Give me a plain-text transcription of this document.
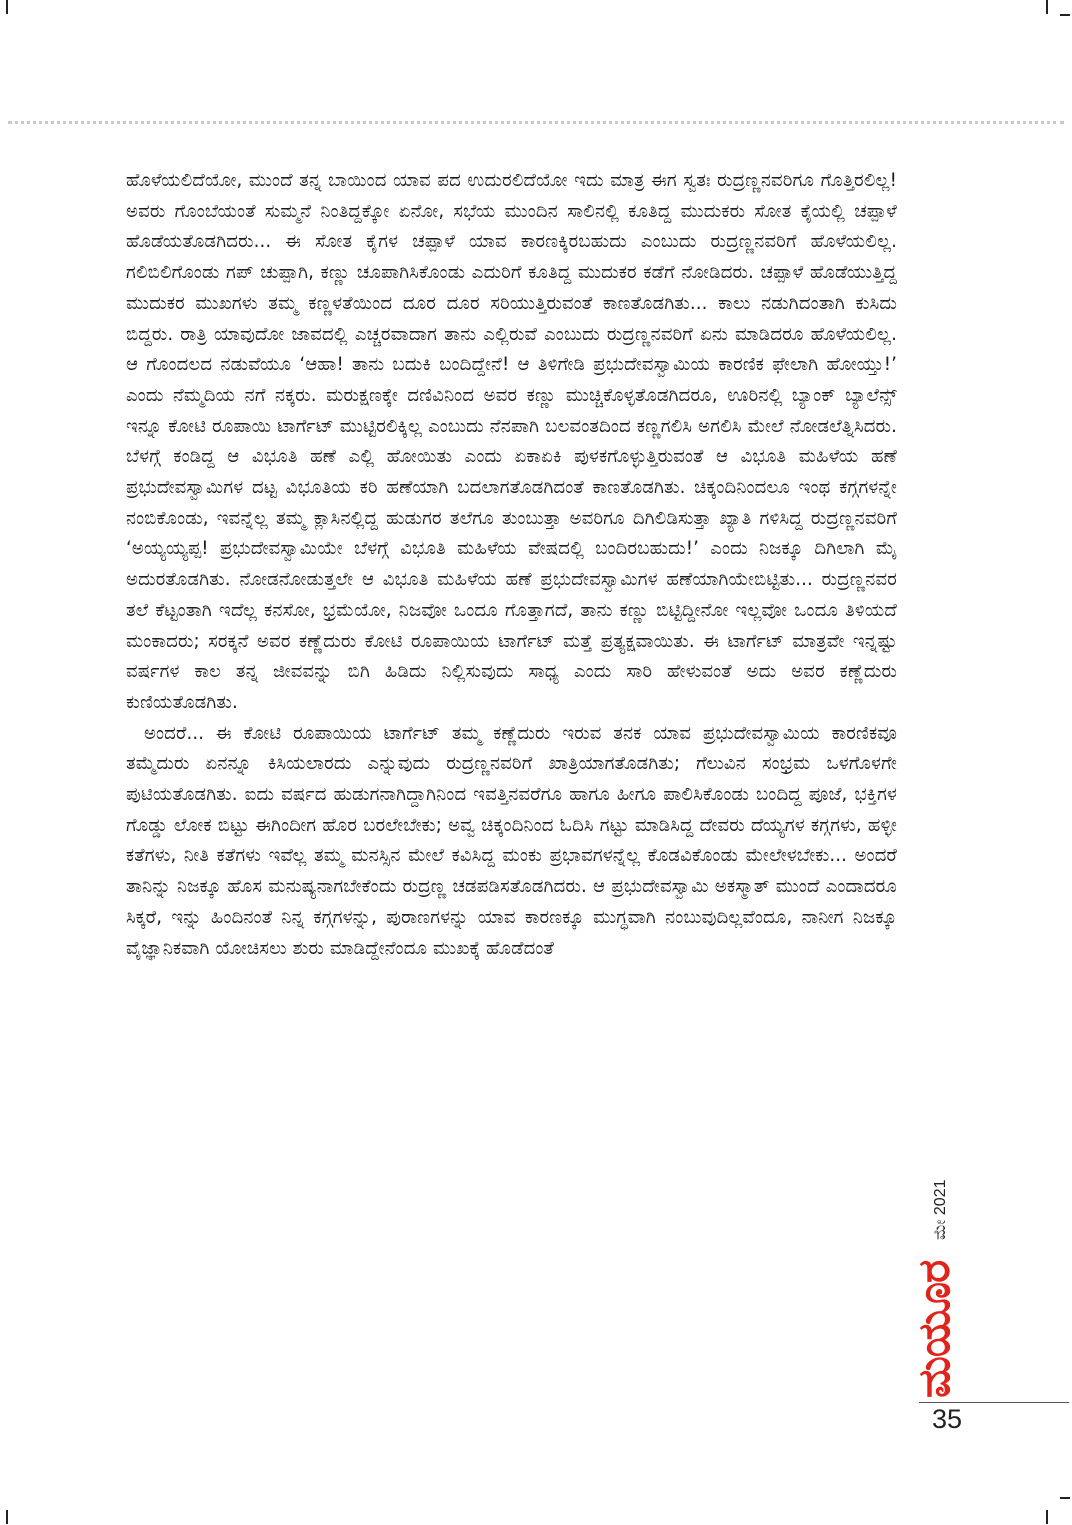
ಹೊಳೆಯಲಿದೆಯೋ, ಮುಂದೆ ತನ್ನ ಬಾಯಿಂದ ಯಾವ ಪದ ಉದುರಲಿದೆಯೋ ಇದು ಮಾತ್ರ ಈಗ ಸ್ವತಃ ರುದ್ರಣ್ಣನವರಿಗೂ ಗೊತ್ತಿರಲಿಲ್ಲ! ಅವರು ಗೊಂಬೆಯಂತೆ ಸುಮ್ಮನೆ ನಿಂತಿದ್ದಕ್ಕೋ ಏನೋ, ಸಭೆಯ ಮುಂದಿನ ಸಾಲಿನಲ್ಲಿ ಕೂತಿದ್ದ ಮುದುಕರು ಸೋತ ಕೈಯಲ್ಲಿ ಚಪ್ಪಾಳೆ ಹೊಡೆಯತೊಡಗಿದರು... ಈ ಸೋತ ಕೈಗಳ ಚಪ್ಪಾಳೆ ಯಾವ ಕಾರಣಕ್ಕಿರಬಹುದು ಎಂಬುದು ರುದ್ರಣ್ಣನವರಿಗೆ ಹೊಳೆಯಲಿಲ್ಲ. ಗಲಿಬಿಲಿಗೊಂಡು ಗಪ್ ಚುಪ್ಪಾಗಿ, ಕಣ್ಣು ಚೂಪಾಗಿಸಿಕೊಂಡು ಎದುರಿಗೆ ಕೂತಿದ್ದ ಮುದುಕರ ಕಡೆಗೆ ನೋಡಿದರು. ಚಪ್ಪಾಳೆ ಹೊಡೆಯುತ್ತಿದ್ದ ಮುದುಕರ ಮುಖಗಳು ತಮ್ಮ ಕಣ್ಣಳತೆಯಿಂದ ದೂರ ದೂರ ಸರಿಯುತ್ತಿರುವಂತೆ ಕಾಣತೊಡಗಿತು... ಕಾಲು ನಡುಗಿದಂತಾಗಿ ಕುಸಿದು ಬಿದ್ದರು. ರಾತ್ರಿ ಯಾವುದೋ ಜಾವದಲ್ಲಿ ಎಚ್ಚರವಾದಾಗ ತಾನು ಎಲ್ಲಿರುವೆ ಎಂಬುದು ರುದ್ರಣ್ಣನವರಿಗೆ ಏನು ಮಾಡಿದರೂ ಹೊಳೆಯಲಿಲ್ಲ. ಆ ಗೊಂದಲದ ನಡುವೆಯೂ ‘ಆಹಾ! ತಾನು ಬದುಕಿ ಬಂದಿದ್ದೇನೆ! ಆ ತಿಳಿಗೇಡಿ ಪ್ರಭುದೇವಸ್ವಾಮಿಯ ಕಾರಣಿಕ ಫೇಲಾಗಿ ಹೋಯ್ತು!’ ಎಂದು ನೆಮ್ಮದಿಯ ನಗೆ ನಕ್ಕರು. ಮರುಕ್ಷಣಕ್ಕೇ ದಣಿವಿನಿಂದ ಅವರ ಕಣ್ಣು ಮುಚ್ಚಿಕೊಳ್ಳತೊಡಗಿದರೂ, ಊರಿನಲ್ಲಿ ಬ್ಯಾಂಕ್ ಬ್ಯಾಲೆನ್ಸ್ ಇನ್ನೂ ಕೋಟಿ ರೂಪಾಯಿ ಟಾರ್ಗೆಟ್ ಮುಟ್ಟಿರಲಿಕ್ಕಿಲ್ಲ ಎಂಬುದು ನೆನಪಾಗಿ ಬಲವಂತದಿಂದ ಕಣ್ಣಗಲಿಸಿ ಅಗಲಿಸಿ ಮೇಲೆ ನೋಡಲೆತ್ನಿಸಿದರು. ಬೆಳಗ್ಗೆ ಕಂಡಿದ್ದ ಆ ವಿಭೂತಿ ಹಣೆ ಎಲ್ಲಿ ಹೋಯಿತು ಎಂದು ಏಕಾಏಕಿ ಪುಳಕಗೊಳ್ಳುತ್ತಿರುವಂತೆ ಆ ವಿಭೂತಿ ಮಹಿಳೆಯ ಹಣೆ ಪ್ರಭುದೇವಸ್ವಾಮಿಗಳ ದಟ್ಟ ವಿಭೂತಿಯ ಕರಿ ಹಣೆಯಾಗಿ ಬದಲಾಗತೊಡಗಿದಂತೆ ಕಾಣತೊಡಗಿತು. ಚಿಕ್ಕಂದಿನಿಂದಲೂ ಇಂಥ ಕಗ್ಗಗಳನ್ನೇ ನಂಬಿಕೊಂಡು, ಇವನ್ನೆಲ್ಲ ತಮ್ಮ ಕ್ಲಾಸಿನಲ್ಲಿದ್ದ ಹುಡುಗರ ತಲೆಗೂ ತುಂಬುತ್ತಾ ಅವರಿಗೂ ದಿಗಿಲಿಡಿಸುತ್ತಾ ಖ್ಯಾತಿ ಗಳಿಸಿದ್ದ ರುದ್ರಣ್ಣನವರಿಗೆ ‘ಅಯ್ಯಯ್ಯಪ್ಪ! ಪ್ರಭುದೇವಸ್ವಾಮಿಯೇ ಬೆಳಗ್ಗೆ ವಿಭೂತಿ ಮಹಿಳೆಯ ವೇಷದಲ್ಲಿ ಬಂದಿರಬಹುದು!’ ಎಂದು ನಿಜಕ್ಕೂ ದಿಗಿಲಾಗಿ ಮೈ ಅದುರತೊಡಗಿತು. ನೋಡನೋಡುತ್ತಲೇ ಆ ವಿಭೂತಿ ಮಹಿಳೆಯ ಹಣೆ ಪ್ರಭುದೇವಸ್ವಾಮಿಗಳ ಹಣೆಯಾಗಿಯೇಬಿಟ್ಟಿತು... ರುದ್ರಣ್ಣನವರ ತಲೆ ಕೆಟ್ಟಂತಾಗಿ ಇದೆಲ್ಲ ಕನಸೋ, ಭ್ರಮೆಯೋ, ನಿಜವೋ ಒಂದೂ ಗೊತ್ತಾಗದೆ, ತಾನು ಕಣ್ಣು ಬಿಟ್ಟಿದ್ದೀನೋ ಇಲ್ಲವೋ ಒಂದೂ ತಿಳಿಯದೆ ಮಂಕಾದರು; ಸರಕ್ಕನೆ ಅವರ ಕಣ್ಣೆದುರು ಕೋಟಿ ರೂಪಾಯಿಯ ಟಾರ್ಗೆಟ್ ಮತ್ತೆ ಪ್ರತ್ಯಕ್ಷವಾಯಿತು. ಈ ಟಾರ್ಗೆಟ್ ಮಾತ್ರವೇ ಇನ್ನಷ್ಟು ವರ್ಷಗಳ ಕಾಲ ತನ್ನ ಜೀವವನ್ನು ಬಿಗಿ ಹಿಡಿದು ನಿಲ್ಲಿಸುವುದು ಸಾಧ್ಯ ಎಂದು ಸಾರಿ ಹೇಳುವಂತೆ ಅದು ಅವರ ಕಣ್ಣೆದುರು ಕುಣಿಯತೊಡಗಿತು.

ಅಂದರೆ... ಈ ಕೋಟಿ ರೂಪಾಯಿಯ ಟಾರ್ಗೆಟ್ ತಮ್ಮ ಕಣ್ಣೆದುರು ಇರುವ ತನಕ ಯಾವ ಪ್ರಭುದೇವಸ್ವಾಮಿಯ ಕಾರಣಿಕವೂ ತಮ್ಮೆದುರು ಏನನ್ನೂ ಕಿಸಿಯಲಾರದು ಎನ್ನುವುದು ರುದ್ರಣ್ಣನವರಿಗೆ ಖಾತ್ರಿಯಾಗತೊಡಗಿತು; ಗೆಲುವಿನ ಸಂಭ್ರಮ ಒಳಗೊಳಗೇ ಪುಟಿಯತೊಡಗಿತು. ಐದು ವರ್ಷದ ಹುಡುಗನಾಗಿದ್ದಾಗಿನಿಂದ ಇವತ್ತಿನವರೆಗೂ ಹಾಗೂ ಹೀಗೂ ಪಾಲಿಸಿಕೊಂಡು ಬಂದಿದ್ದ ಪೂಜೆ, ಭಕ್ತಿಗಳ ಗೊಡ್ಡು ಲೋಕ ಬಿಟ್ಟು ಈಗಿಂದೀಗ ಹೊರ ಬರಲೇಬೇಕು; ಅವ್ವ ಚಿಕ್ಕಂದಿನಿಂದ ಓದಿಸಿ ಗಟ್ಟು ಮಾಡಿಸಿದ್ದ ದೇವರು ದೆಯ್ಯಗಳ ಕಗ್ಗಗಳು, ಹಳ್ಳೀ ಕತೆಗಳು, ನೀತಿ ಕತೆಗಳು ಇವೆಲ್ಲ ತಮ್ಮ ಮನಸ್ಸಿನ ಮೇಲೆ ಕವಿಸಿದ್ದ ಮಂಕು ಪ್ರಭಾವಗಳನ್ನೆಲ್ಲ ಕೊಡವಿಕೊಂಡು ಮೇಲೇಳಬೇಕು... ಅಂದರೆ ತಾನಿನ್ನು ನಿಜಕ್ಕೂ ಹೊಸ ಮನುಷ್ಯನಾಗಬೇಕೆಂದು ರುದ್ರಣ್ಣ ಚಡಪಡಿಸತೊಡಗಿದರು. ಆ ಪ್ರಭುದೇವಸ್ವಾಮಿ ಅಕಸ್ಮಾತ್ ಮುಂದೆ ಎಂದಾದರೂ ಸಿಕ್ಕರೆ, ಇನ್ನು ಹಿಂದಿನಂತೆ ನಿನ್ನ ಕಗ್ಗಗಳನ್ನು, ಪುರಾಣಗಳನ್ನು ಯಾವ ಕಾರಣಕ್ಕೂ ಮುಗ್ಧವಾಗಿ ನಂಬುವುದಿಲ್ಲವೆಂದೂ, ನಾನೀಗ ನಿಜಕ್ಕೂ ವೈಜ್ಞಾನಿಕವಾಗಿ ಯೋಚಿಸಲು ಶುರು ಮಾಡಿದ್ದೇನೆಂದೂ ಮುಖಕ್ಕೆ ಹೊಡೆದಂತೆ

ಮೇ 2021
ಮಯೂರ
35
